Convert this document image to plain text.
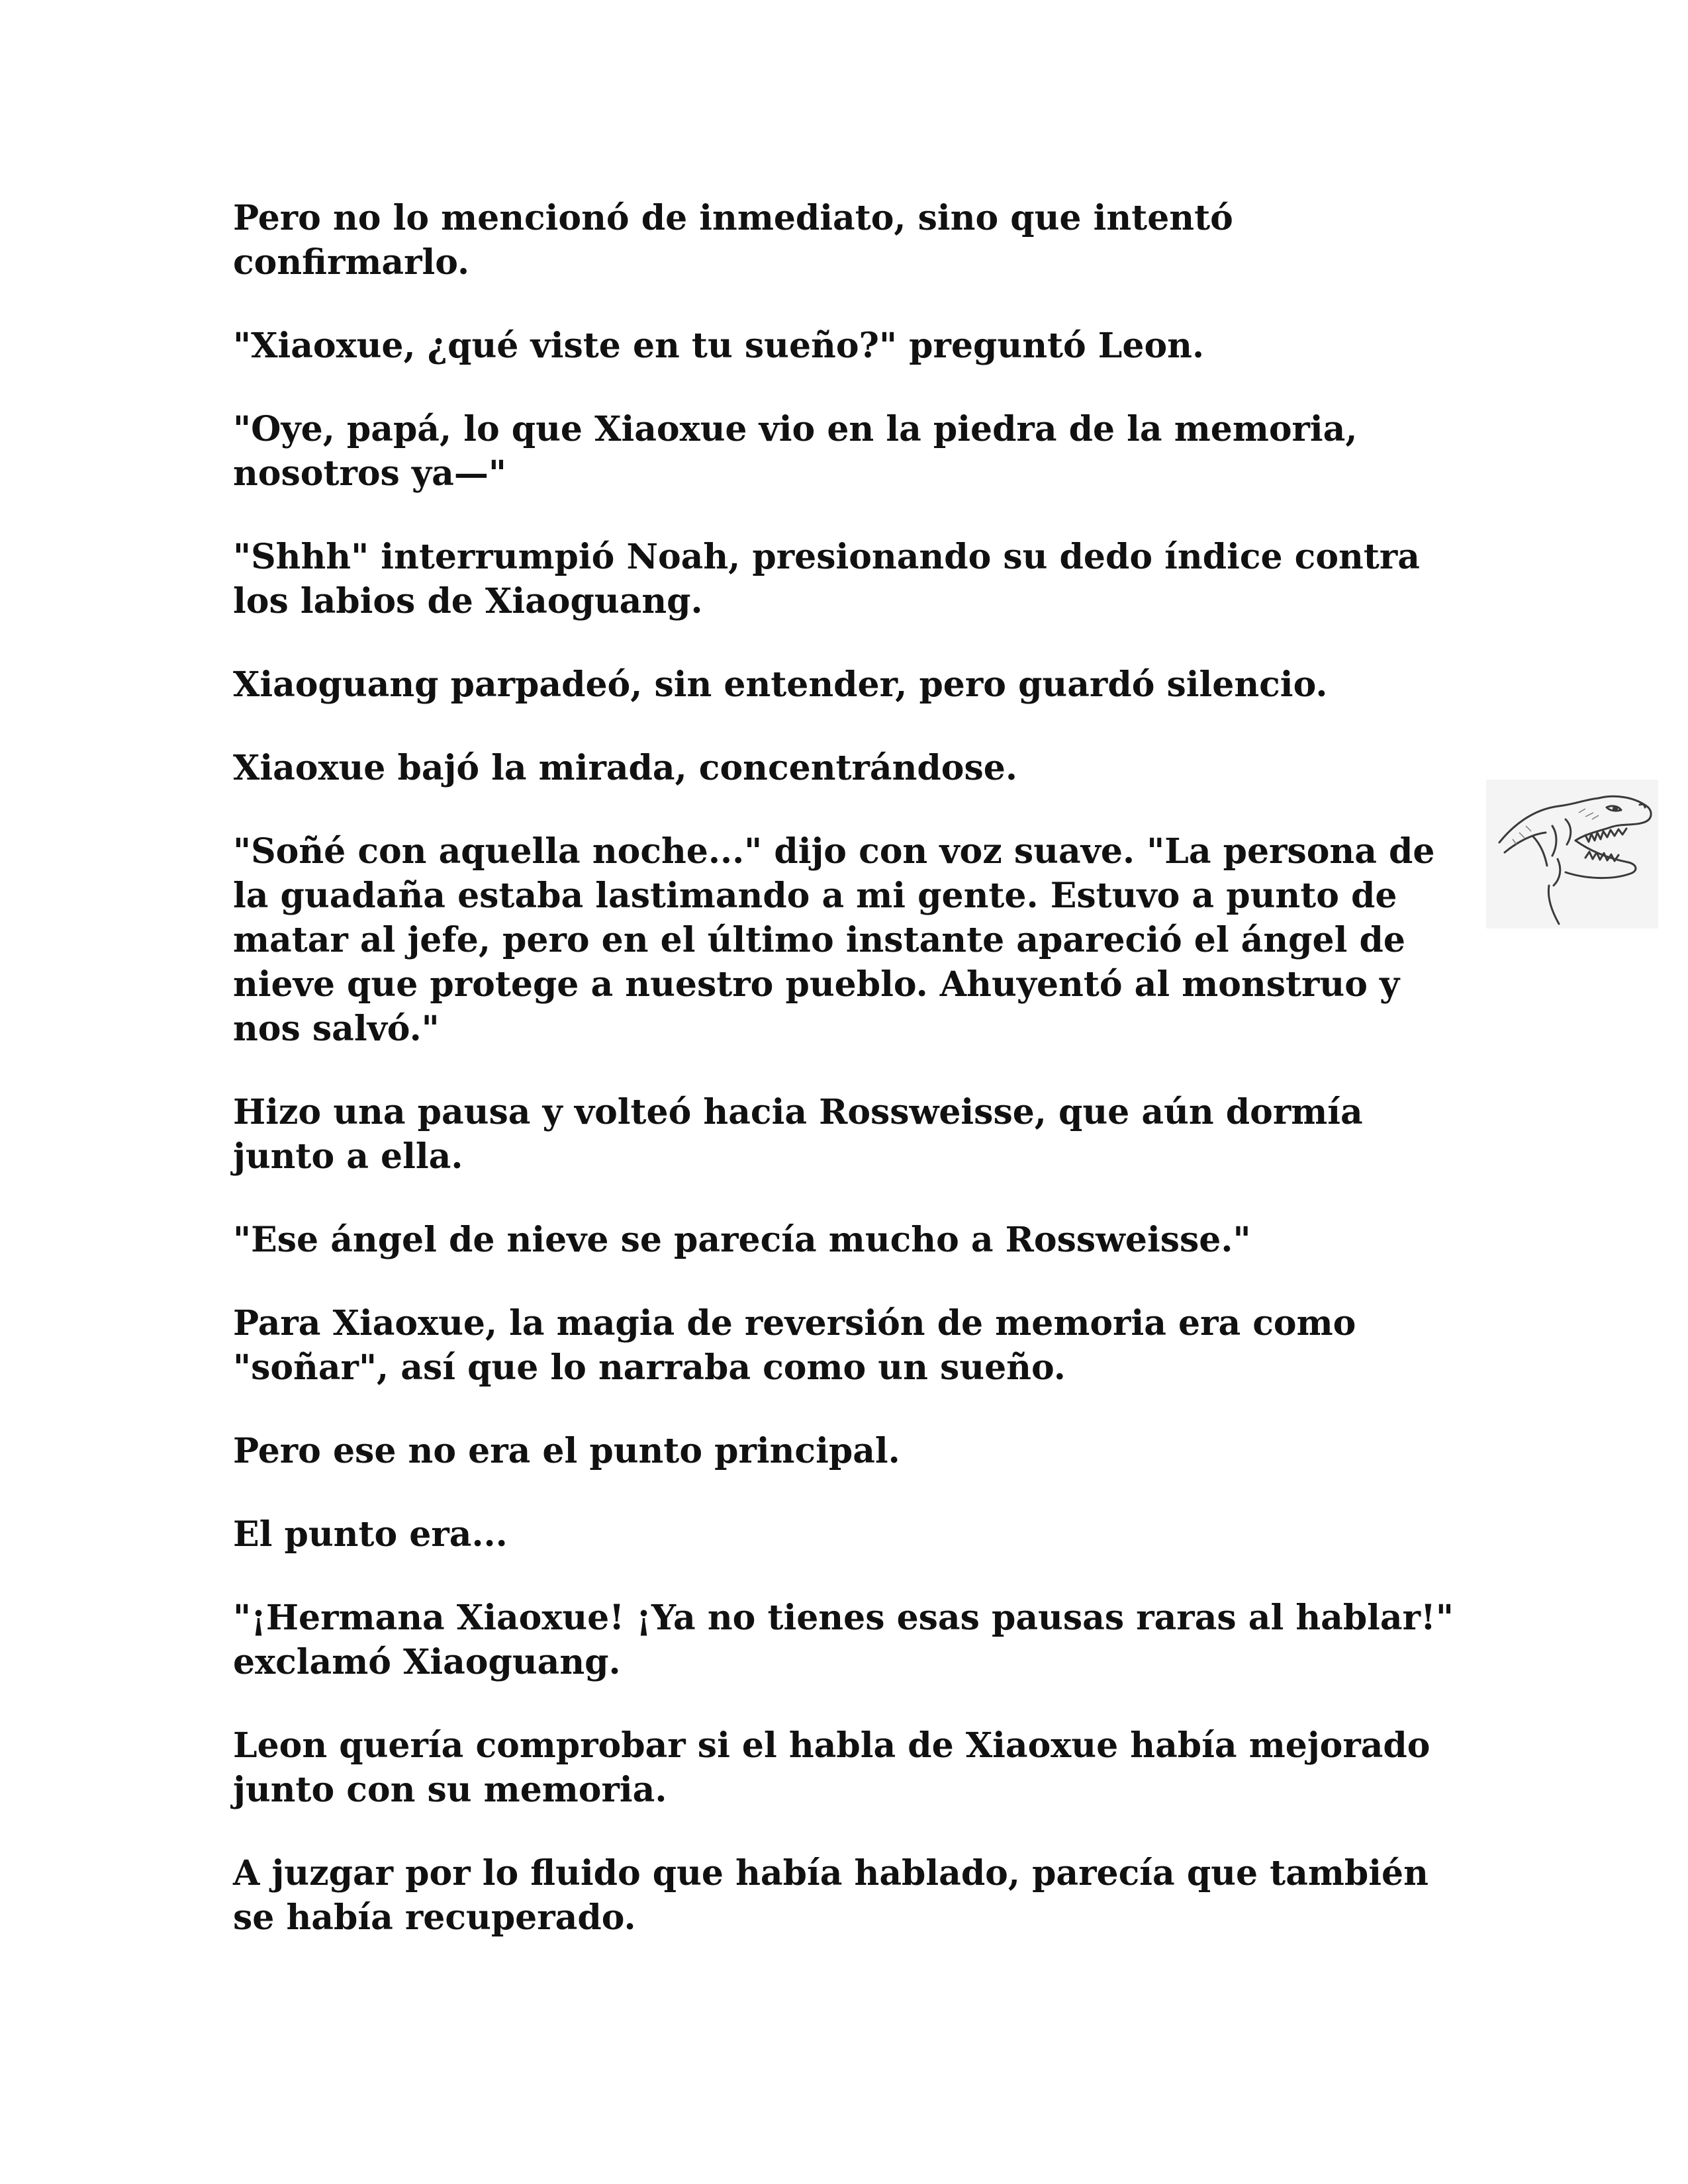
Pero no lo mencionó de inmediato, sino que intentó
confirmarlo.

"Xiaoxue, ¿qué viste en tu sueño?" preguntó Leon.

"Oye, papá, lo que Xiaoxue vio en la piedra de la memoria,
nosotros ya—"

"Shhh" interrumpió Noah, presionando su dedo índice contra
los labios de Xiaoguang.

Xiaoguang parpadeó, sin entender, pero guardó silencio.

Xiaoxue bajó la mirada, concentrándose.

"Soñé con aquella noche..." dijo con voz suave. "La persona de
la guadaña estaba lastimando a mi gente. Estuvo a punto de
matar al jefe, pero en el último instante apareció el ángel de
nieve que protege a nuestro pueblo. Ahuyentó al monstruo y
nos salvó."

Hizo una pausa y volteó hacia Rossweisse, que aún dormía
junto a ella.

"Ese ángel de nieve se parecía mucho a Rossweisse."

Para Xiaoxue, la magia de reversión de memoria era como
"soñar", así que lo narraba como un sueño.

Pero ese no era el punto principal.

El punto era...

"¡Hermana Xiaoxue! ¡Ya no tienes esas pausas raras al hablar!"
exclamó Xiaoguang.

Leon quería comprobar si el habla de Xiaoxue había mejorado
junto con su memoria.

A juzgar por lo fluido que había hablado, parecía que también
se había recuperado.
